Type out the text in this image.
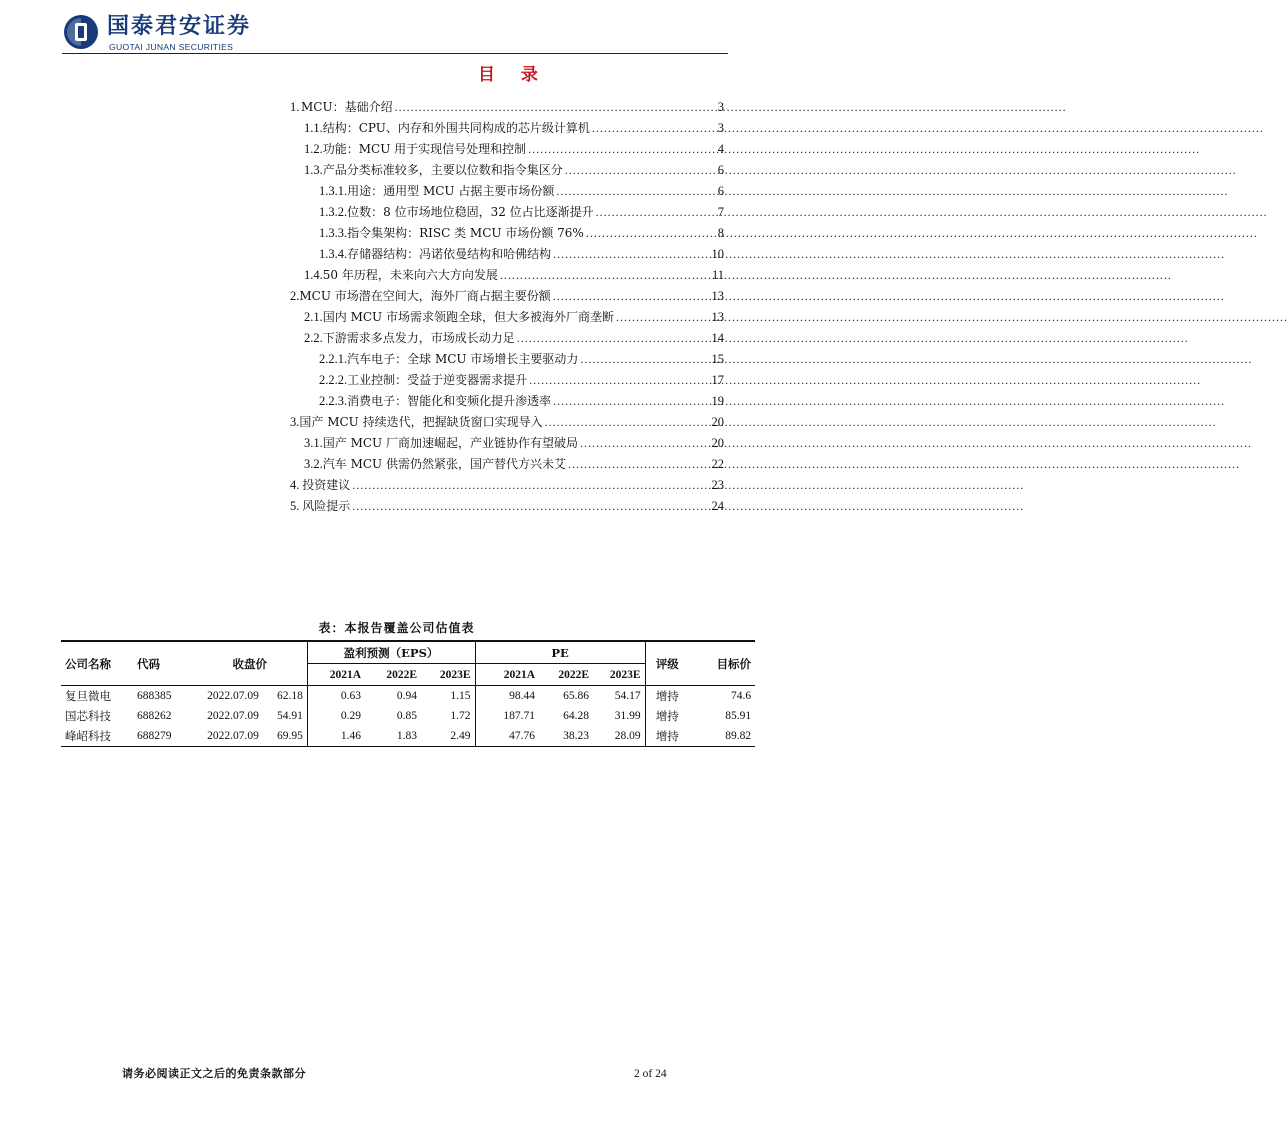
国泰君安证券
GUOTAI JUNAN SECURITIES
目 录
1. MCU：基础介绍 .....	3
1.1. 结构：CPU、内存和外围共同构成的芯片级计算机 .....	3
1.2. 功能：MCU 用于实现信号处理和控制 .....	4
1.3. 产品分类标准较多，主要以位数和指令集区分 .....	6
1.3.1. 用途：通用型 MCU 占据主要市场份额 .....	6
1.3.2. 位数：8 位市场地位稳固，32 位占比逐渐提升 .....	7
1.3.3. 指令集架构：RISC 类 MCU 市场份额 76% .....	8
1.3.4. 存储器结构：冯诺依曼结构和哈佛结构 .....	10
1.4. 50 年历程，未来向六大方向发展 .....	11
2. MCU 市场潜在空间大，海外厂商占据主要份额 .....	13
2.1. 国内 MCU 市场需求领跑全球，但大多被海外厂商垄断 .....	13
2.2. 下游需求多点发力，市场成长动力足 .....	14
2.2.1. 汽车电子：全球 MCU 市场增长主要驱动力 .....	15
2.2.2. 工业控制：受益于逆变器需求提升 .....	17
2.2.3. 消费电子：智能化和变频化提升渗透率 .....	19
3. 国产 MCU 持续迭代，把握缺货窗口实现导入 .....	20
3.1. 国产 MCU 厂商加速崛起，产业链协作有望破局 .....	20
3.2. 汽车 MCU 供需仍然紧张，国产替代方兴未艾 .....	22
4. 投资建议 .....	23
5. 风险提示 .....	24

表：本报告覆盖公司估值表

公司名称	代码	收盘价		盈利预测（EPS）			PE			评级	目标价
				2021A	2022E	2023E	2021A	2022E	2023E		
复旦微电	688385	2022.07.09	62.18	0.63	0.94	1.15	98.44	65.86	54.17	增持	74.6
国芯科技	688262	2022.07.09	54.91	0.29	0.85	1.72	187.71	64.28	31.99	增持	85.91
峰岹科技	688279	2022.07.09	69.95	1.46	1.83	2.49	47.76	38.23	28.09	增持	89.82
请务必阅读正文之后的免责条款部分	2 of 24
